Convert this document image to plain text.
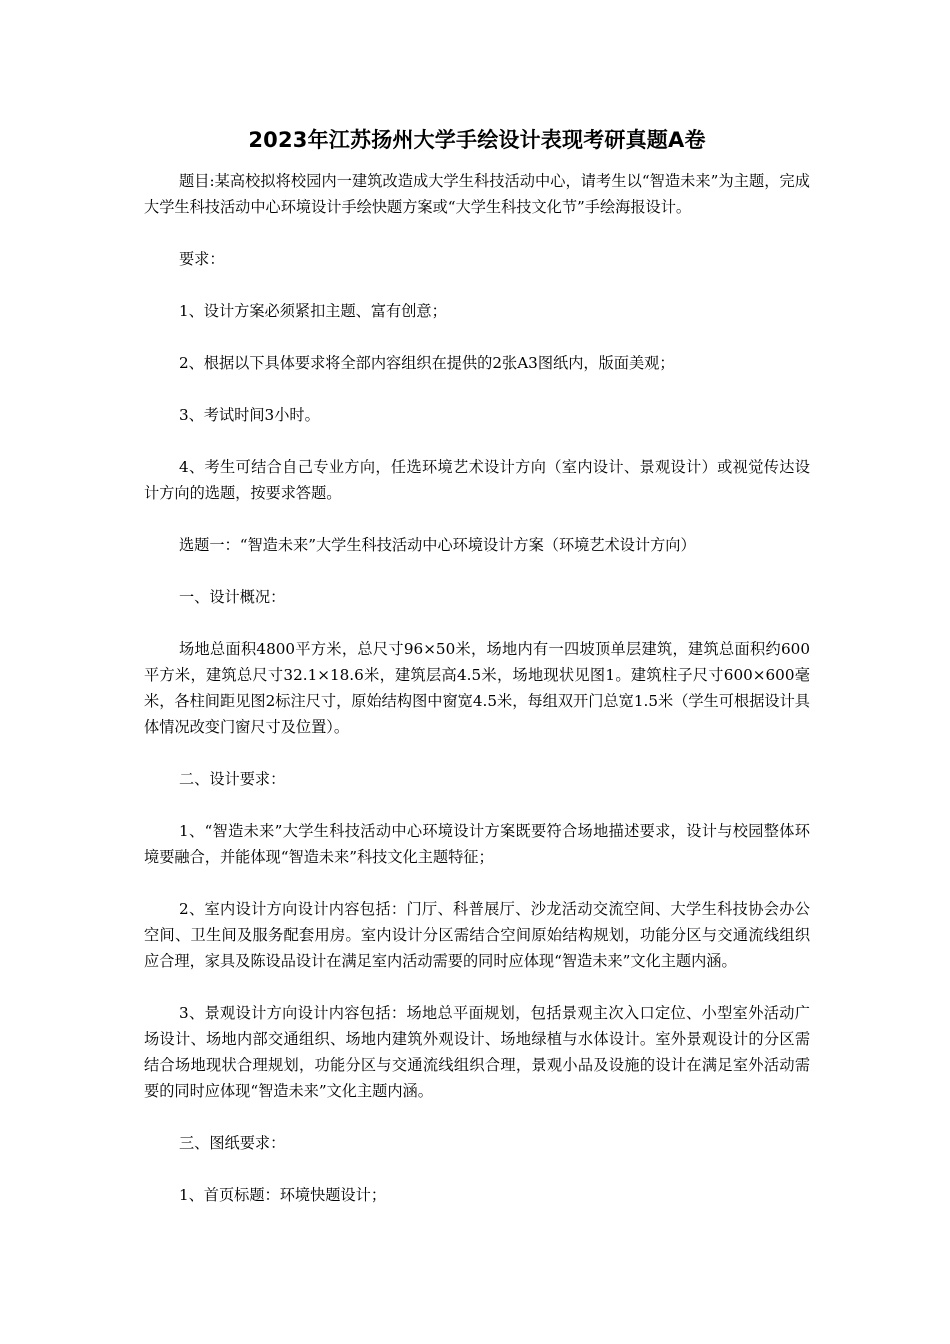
2023年江苏扬州大学手绘设计表现考研真题A卷

题目:某高校拟将校园内一建筑改造成大学生科技活动中心，请考生以“智造未来”为主题，完成大学生科技活动中心环境设计手绘快题方案或“大学生科技文化节”手绘海报设计。

要求：

1、设计方案必须紧扣主题、富有创意；

2、根据以下具体要求将全部内容组织在提供的2张A3图纸内，版面美观；

3、考试时间3小时。

4、考生可结合自己专业方向，任选环境艺术设计方向（室内设计、景观设计）或视觉传达设计方向的选题，按要求答题。

选题一：“智造未来”大学生科技活动中心环境设计方案（环境艺术设计方向）

一、设计概况：

场地总面积4800平方米，总尺寸96×50米，场地内有一四坡顶单层建筑，建筑总面积约600平方米，建筑总尺寸32.1×18.6米，建筑层高4.5米，场地现状见图1。建筑柱子尺寸600×600毫米，各柱间距见图2标注尺寸，原始结构图中窗宽4.5米，每组双开门总宽1.5米（学生可根据设计具体情况改变门窗尺寸及位置）。

二、设计要求：

1、“智造未来”大学生科技活动中心环境设计方案既要符合场地描述要求，设计与校园整体环境要融合，并能体现“智造未来”科技文化主题特征；

2、室内设计方向设计内容包括：门厅、科普展厅、沙龙活动交流空间、大学生科技协会办公空间、卫生间及服务配套用房。室内设计分区需结合空间原始结构规划，功能分区与交通流线组织应合理，家具及陈设品设计在满足室内活动需要的同时应体现“智造未来”文化主题内涵。

3、景观设计方向设计内容包括：场地总平面规划，包括景观主次入口定位、小型室外活动广场设计、场地内部交通组织、场地内建筑外观设计、场地绿植与水体设计。室外景观设计的分区需结合场地现状合理规划，功能分区与交通流线组织合理，景观小品及设施的设计在满足室外活动需要的同时应体现“智造未来”文化主题内涵。

三、图纸要求：

1、首页标题：环境快题设计；
